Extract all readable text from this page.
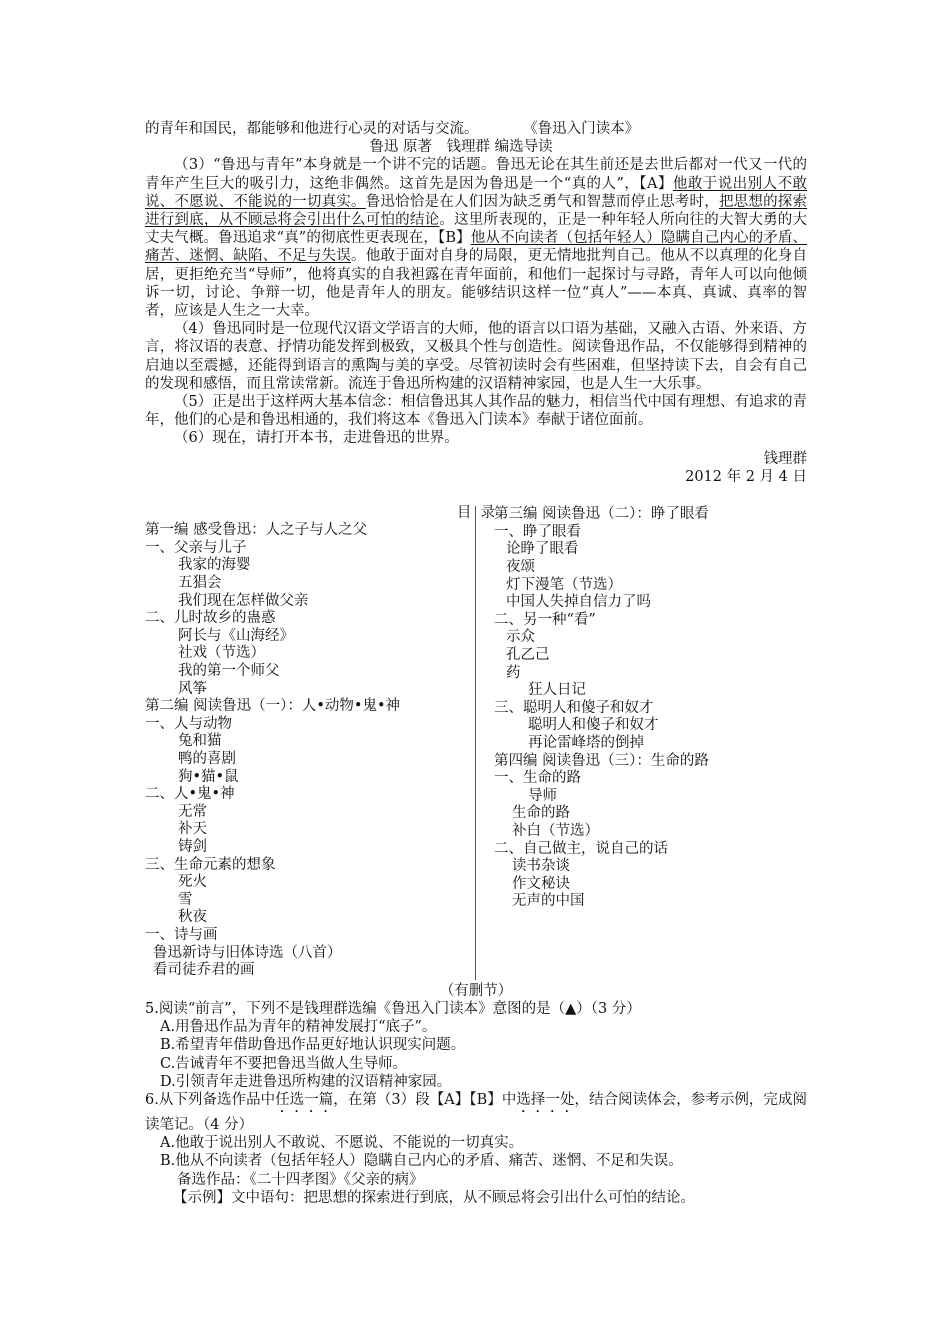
的青年和国民，都能够和他进行心灵的对话与交流。	《鲁迅入门读本》
鲁迅 原著　钱理群 编选导读

（3）“鲁迅与青年”本身就是一个讲不完的话题。鲁迅无论在其生前还是去世后都对一代又一代的青年产生巨大的吸引力，这绝非偶然。这首先是因为鲁迅是一个“真的人”，【A】他敢于说出别人不敢说、不愿说、不能说的一切真实。鲁迅恰恰是在人们因为缺乏勇气和智慧而停止思考时，把思想的探索进行到底，从不顾忌将会引出什么可怕的结论。这里所表现的，正是一种年轻人所向往的大智大勇的大丈夫气概。鲁迅追求“真”的彻底性更表现在，【B】他从不向读者（包括年轻人）隐瞒自己内心的矛盾、痛苦、迷惘、缺陷、不足与失误。他敢于面对自身的局限，更无情地批判自己。他从不以真理的化身自居，更拒绝充当“导师”，他将真实的自我袒露在青年面前，和他们一起探讨与寻路，青年人可以向他倾诉一切，讨论、争辩一切，他是青年人的朋友。能够结识这样一位“真人”——本真、真诚、真率的智者，应该是人生之一大幸。

（4）鲁迅同时是一位现代汉语文学语言的大师，他的语言以口语为基础，又融入古语、外来语、方言，将汉语的表意、抒情功能发挥到极致，又极具个性与创造性。阅读鲁迅作品，不仅能够得到精神的启迪以至震撼，还能得到语言的熏陶与美的享受。尽管初读时会有些困难，但坚持读下去，自会有自己的发现和感悟，而且常读常新。流连于鲁迅所构建的汉语精神家园，也是人生一大乐事。

（5）正是出于这样两大基本信念：相信鲁迅其人其作品的魅力，相信当代中国有理想、有追求的青年，他们的心是和鲁迅相通的，我们将这本《鲁迅入门读本》奉献于诸位面前。

（6）现在，请打开本书，走进鲁迅的世界。

钱理群
2012 年 2 月 4 日
目  录
第一编 感受鲁迅：人之子与人之父
一、父亲与儿子
我家的海婴
五猖会
我们现在怎样做父亲
二、儿时故乡的蛊惑
阿长与《山海经》
社戏（节选）
我的第一个师父
风筝
第二编 阅读鲁迅（一）：人•动物•鬼•神
一、人与动物
兔和猫
鸭的喜剧
狗•猫•鼠
二、人•鬼•神
无常
补天
铸剑
三、生命元素的想象
死火
雪
秋夜
一、诗与画
鲁迅新诗与旧体诗选（八首）
看司徒乔君的画
第三编 阅读鲁迅（二）：睁了眼看
一、睁了眼看
论睁了眼看
夜颂
灯下漫笔（节选）
中国人失掉自信力了吗
二、另一种“看”
示众
孔乙己
药
狂人日记
三、聪明人和傻子和奴才
聪明人和傻子和奴才
再论雷峰塔的倒掉
第四编 阅读鲁迅（三）：生命的路
一、生命的路
导师
生命的路
补白（节选）
二、自己做主，说自己的话
读书杂谈
作文秘诀
无声的中国
（有删节）
5.阅读“前言”，下列不是钱理群选编《鲁迅入门读本》意图的是（▲）（3 分）
A.用鲁迅作品为青年的精神发展打“底子”。
B.希望青年借助鲁迅作品更好地认识现实问题。
C.告诫青年不要把鲁迅当做人生导师。
D.引领青年走进鲁迅所构建的汉语精神家园。
6.从下列备选作品中任选一篇，在第（3）段【A】【B】中选择一处，结合阅读体会，参考示例，完成阅读笔记。（4 分）
A.他敢于说出别人不敢说、不愿说、不能说的一切真实。
B.他从不向读者（包括年轻人）隐瞒自己内心的矛盾、痛苦、迷惘、不足和失误。
备选作品：《二十四孝图》《父亲的病》
【示例】文中语句：把思想的探索进行到底，从不顾忌将会引出什么可怕的结论。
